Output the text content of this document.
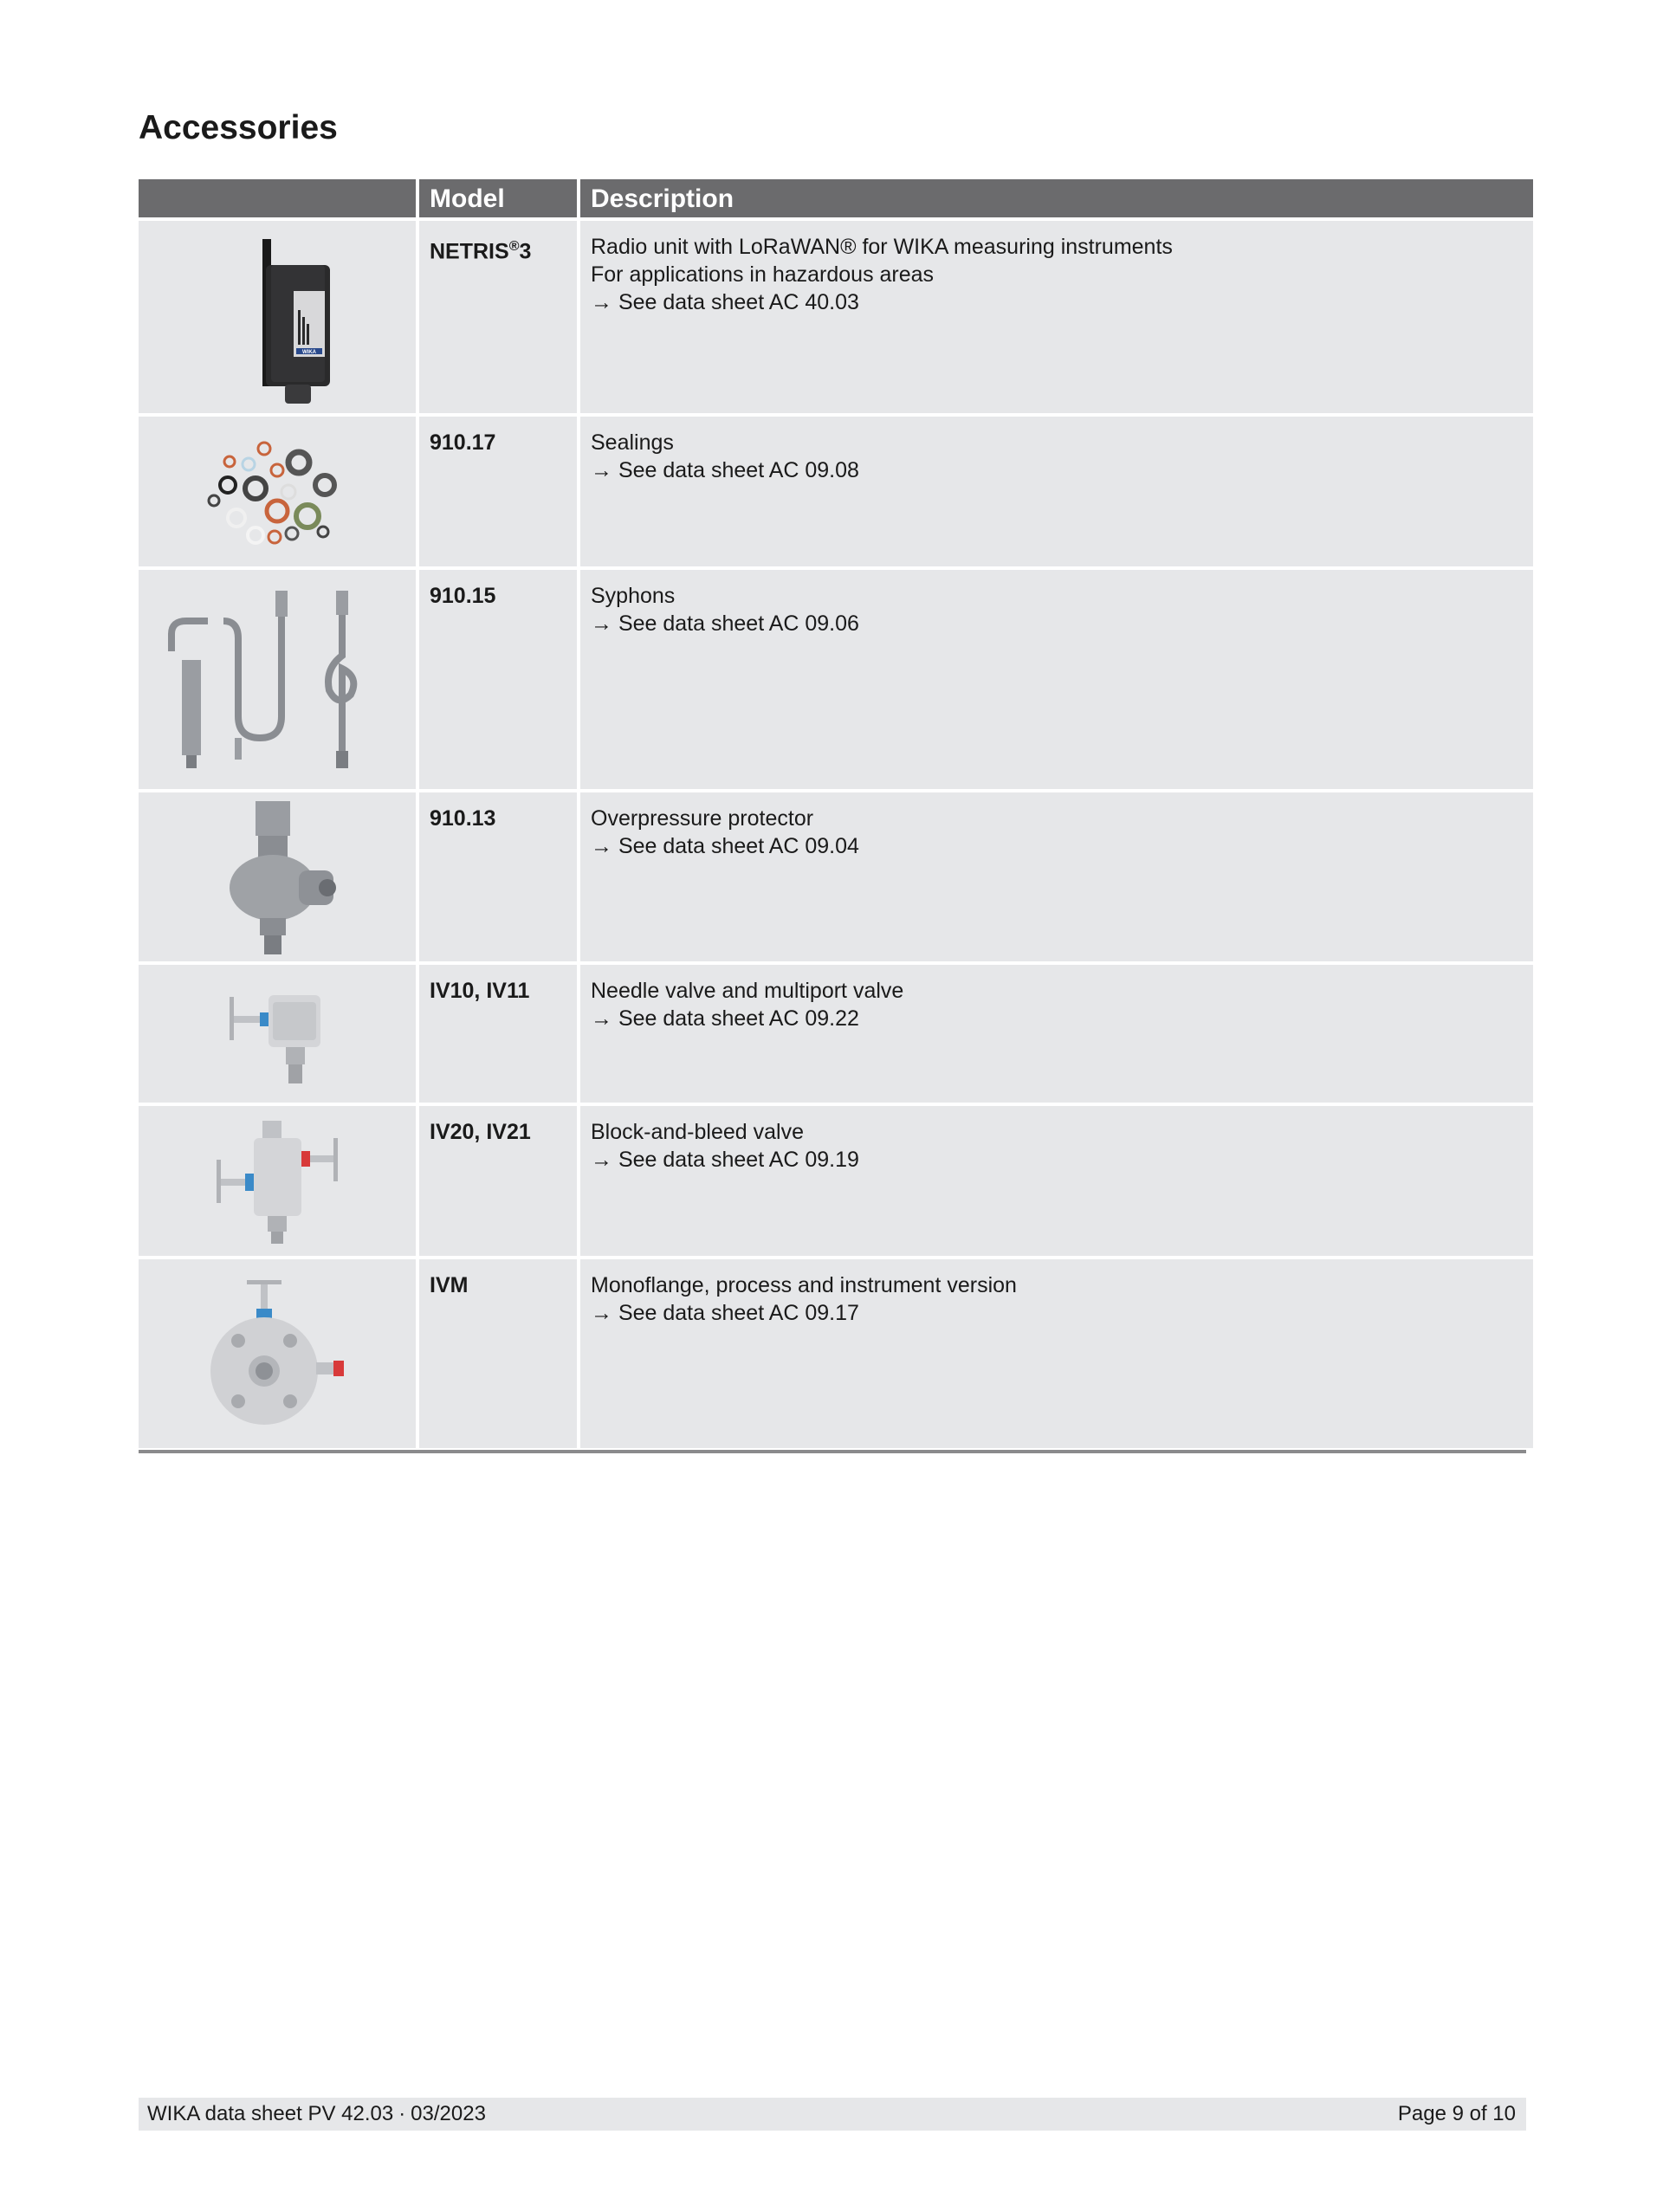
Accessories
	Model	Description

WIKA	NETRIS®3	Radio unit with LoRaWAN® for WIKA measuring instruments
For applications in hazardous areas
→ See data sheet AC 40.03

	910.17	Sealings
→ See data sheet AC 09.08

	910.15	Syphons
→ See data sheet AC 09.06

	910.13	Overpressure protector
→ See data sheet AC 09.04

	IV10, IV11	Needle valve and multiport valve
→ See data sheet AC 09.22

	IV20, IV21	Block-and-bleed valve
→ See data sheet AC 09.19

	IVM	Monoflange, process and instrument version
→ See data sheet AC 09.17
WIKA data sheet PV 42.03 ∙ 03/2023	Page 9 of 10
